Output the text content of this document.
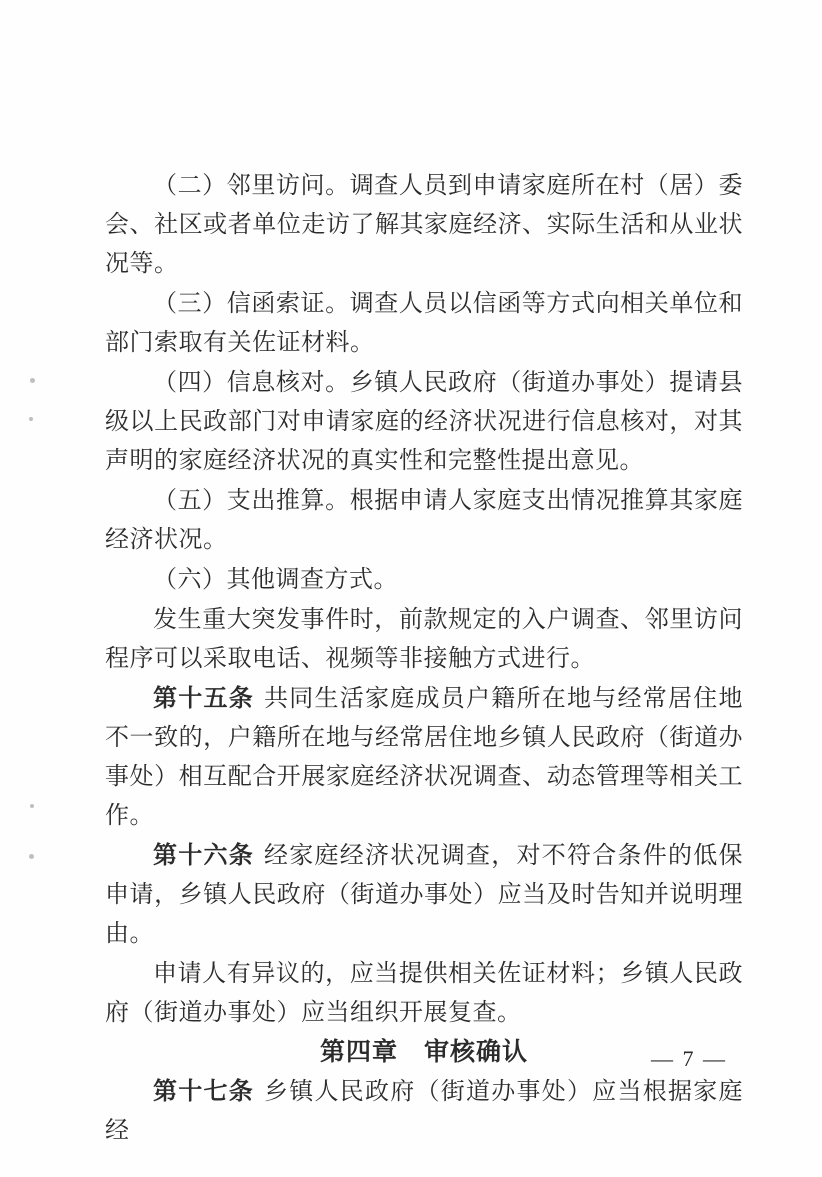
（二）邻里访问。调查人员到申请家庭所在村（居）委会、社区或者单位走访了解其家庭经济、实际生活和从业状况等。

（三）信函索证。调查人员以信函等方式向相关单位和部门索取有关佐证材料。

（四）信息核对。乡镇人民政府（街道办事处）提请县级以上民政部门对申请家庭的经济状况进行信息核对，对其声明的家庭经济状况的真实性和完整性提出意见。

（五）支出推算。根据申请人家庭支出情况推算其家庭经济状况。

（六）其他调查方式。

发生重大突发事件时，前款规定的入户调查、邻里访问程序可以采取电话、视频等非接触方式进行。

第十五条 共同生活家庭成员户籍所在地与经常居住地不一致的，户籍所在地与经常居住地乡镇人民政府（街道办事处）相互配合开展家庭经济状况调查、动态管理等相关工作。

第十六条 经家庭经济状况调查，对不符合条件的低保申请，乡镇人民政府（街道办事处）应当及时告知并说明理由。

申请人有异议的，应当提供相关佐证材料；乡镇人民政府（街道办事处）应当组织开展复查。

第四章　审核确认

第十七条 乡镇人民政府（街道办事处）应当根据家庭经

— 7 —
